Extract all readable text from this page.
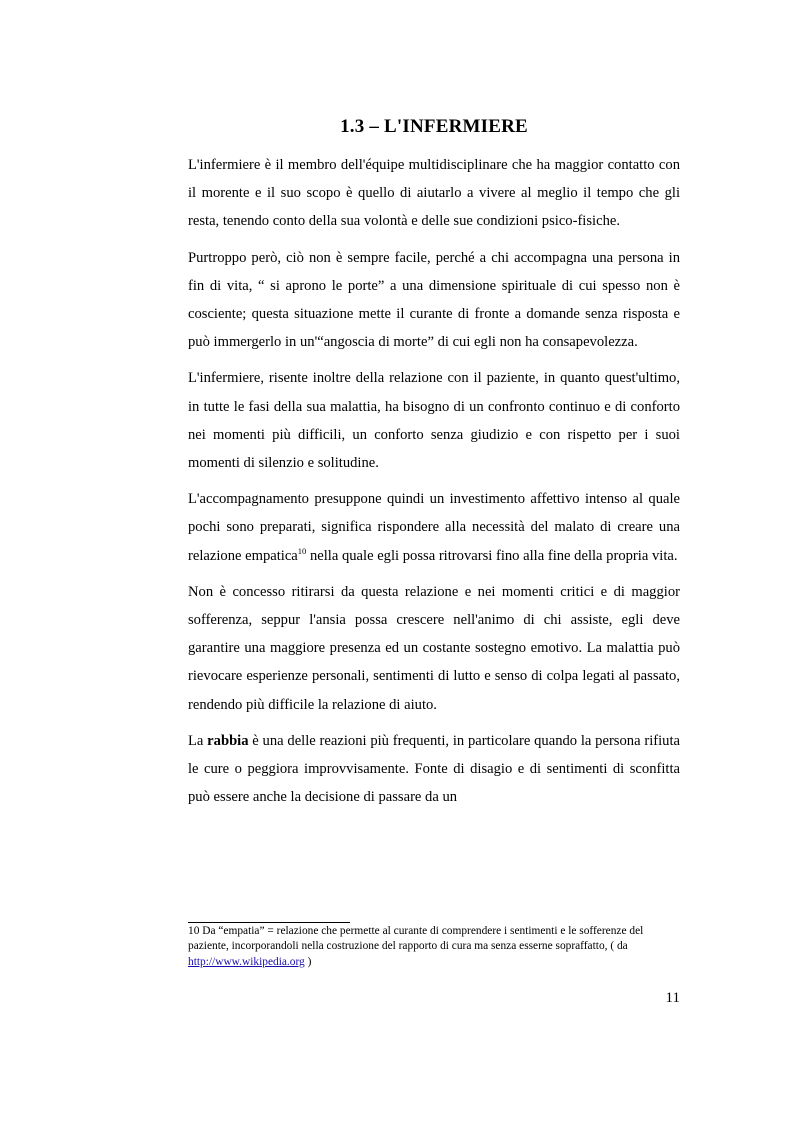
1.3 – L'INFERMIERE

L'infermiere è il membro dell'équipe multidisciplinare che ha maggior contatto con il morente e il suo scopo è quello di aiutarlo a vivere al meglio il tempo che gli resta, tenendo conto della sua volontà e delle sue condizioni psico-fisiche.

Purtroppo però, ciò non è sempre facile, perché a chi accompagna una persona in fin di vita, “ si aprono le porte” a una dimensione spirituale di cui spesso non è cosciente; questa situazione mette il curante di fronte a domande senza risposta e può immergerlo in un'“angoscia di morte” di cui egli non ha consapevolezza.

L'infermiere, risente inoltre della relazione con il paziente, in quanto quest'ultimo, in tutte le fasi della sua malattia, ha bisogno di un confronto continuo e di conforto nei momenti più difficili, un conforto senza giudizio e con rispetto per i suoi momenti di silenzio e solitudine.

L'accompagnamento presuppone quindi un investimento affettivo intenso al quale pochi sono preparati, significa rispondere alla necessità del malato di creare una relazione empatica$^{10}$ nella quale egli possa ritrovarsi fino alla fine della propria vita.

Non è concesso ritirarsi da questa relazione e nei momenti critici e di maggior sofferenza, seppur l'ansia possa crescere nell'animo di chi assiste, egli deve garantire una maggiore presenza ed un costante sostegno emotivo. La malattia può rievocare esperienze personali, sentimenti di lutto e senso di colpa legati al passato, rendendo più difficile la relazione di aiuto.

La rabbia è una delle reazioni più frequenti, in particolare quando la persona rifiuta le cure o peggiora improvvisamente. Fonte di disagio e di sentimenti di sconfitta può essere anche la decisione di passare da un

10 Da “empatia” = relazione che permette al curante di comprendere i sentimenti e le sofferenze del paziente, incorporandoli nella costruzione del rapporto di cura ma senza esserne sopraffatto, ( da http://www.wikipedia.org )
11
